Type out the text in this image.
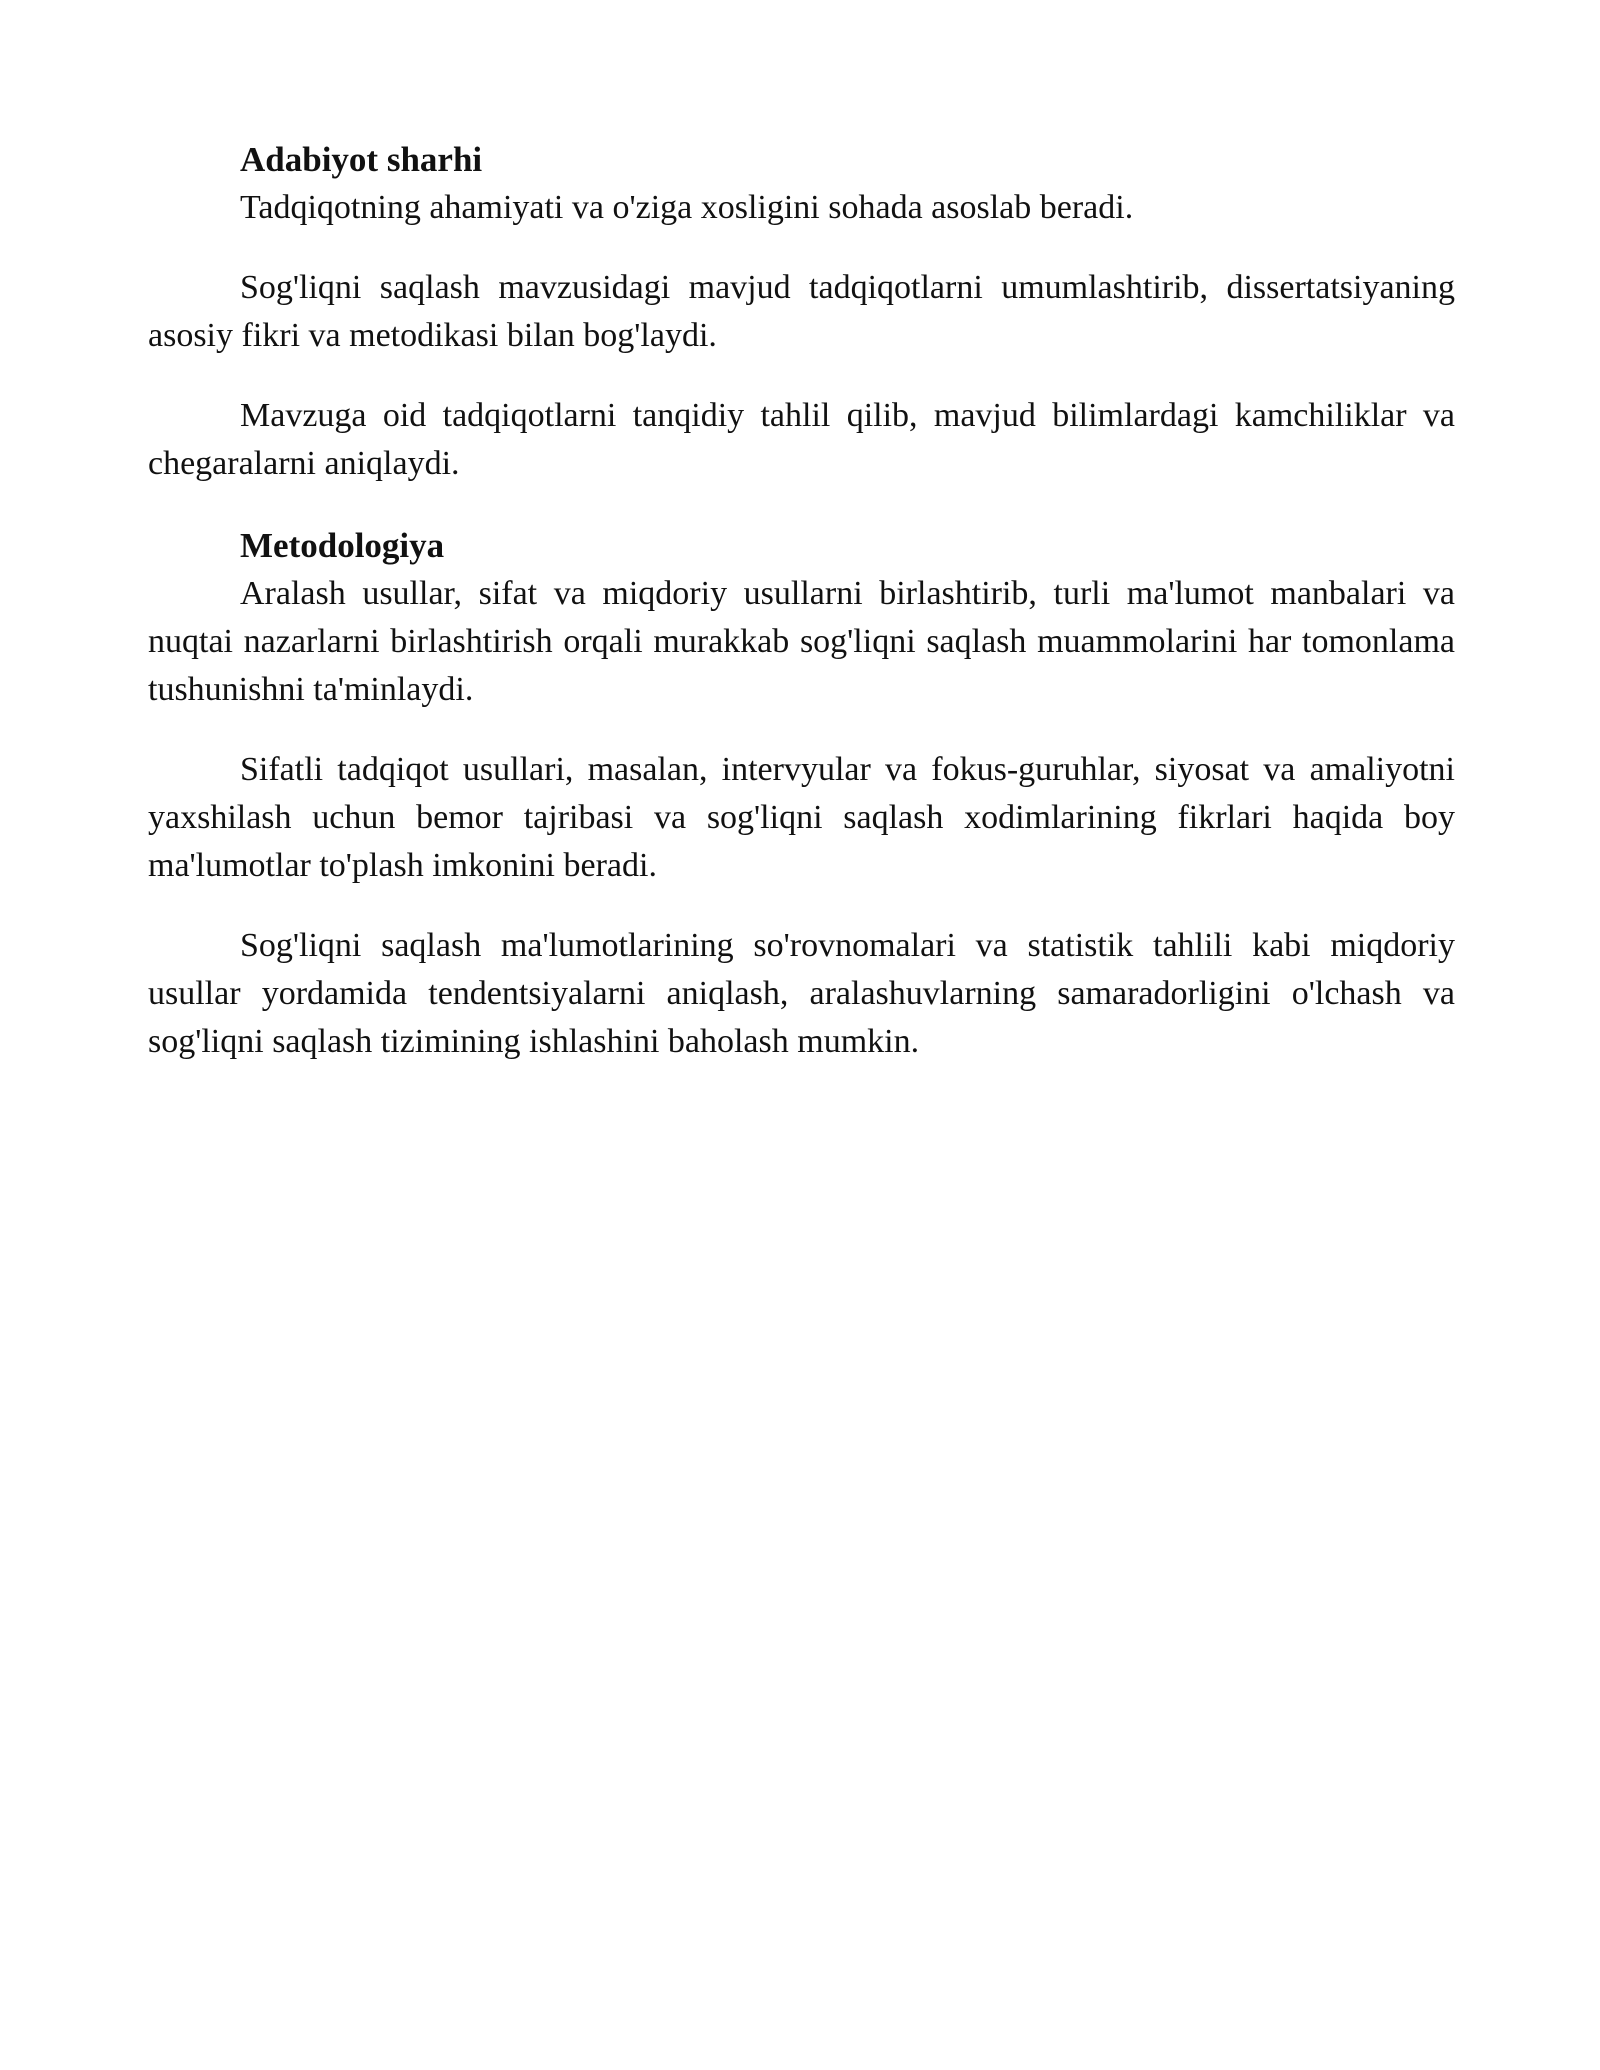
Adabiyot sharhi

Tadqiqotning ahamiyati va o'ziga xosligini sohada asoslab beradi.

Sog'liqni saqlash mavzusidagi mavjud tadqiqotlarni umumlashtirib, dissertatsiyaning asosiy fikri va metodikasi bilan bog'laydi.

Mavzuga oid tadqiqotlarni tanqidiy tahlil qilib, mavjud bilimlardagi kamchiliklar va chegaralarni aniqlaydi.

Metodologiya

Aralash usullar, sifat va miqdoriy usullarni birlashtirib, turli ma'lumot manbalari va nuqtai nazarlarni birlashtirish orqali murakkab sog'liqni saqlash muammolarini har tomonlama tushunishni ta'minlaydi.

Sifatli tadqiqot usullari, masalan, intervyular va fokus-guruhlar, siyosat va amaliyotni yaxshilash uchun bemor tajribasi va sog'liqni saqlash xodimlarining fikrlari haqida boy ma'lumotlar to'plash imkonini beradi.

Sog'liqni saqlash ma'lumotlarining so'rovnomalari va statistik tahlili kabi miqdoriy usullar yordamida tendentsiyalarni aniqlash, aralashuvlarning samaradorligini o'lchash va sog'liqni saqlash tizimining ishlashini baholash mumkin.
